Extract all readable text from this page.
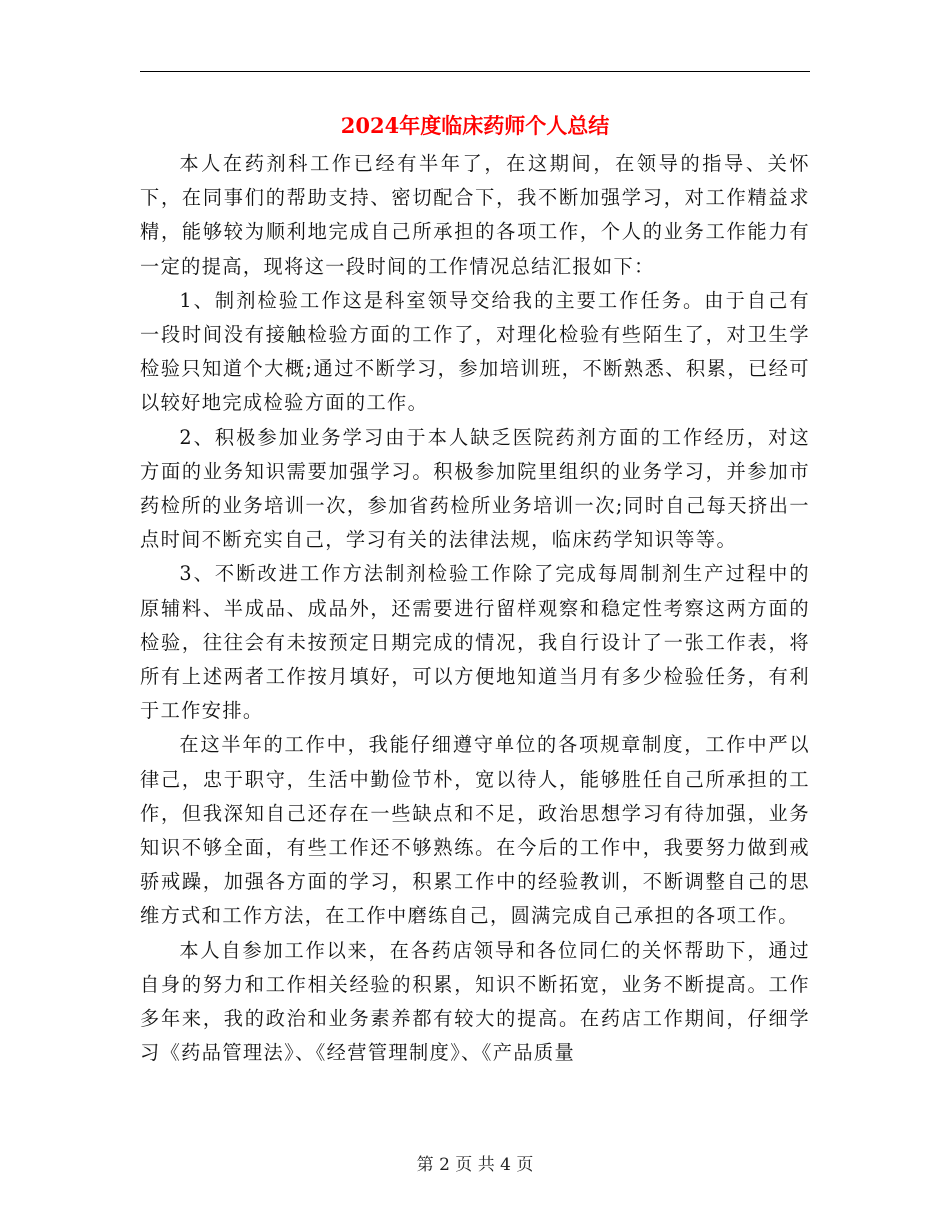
2024年度临床药师个人总结

本人在药剂科工作已经有半年了，在这期间，在领导的指导、关怀下，在同事们的帮助支持、密切配合下，我不断加强学习，对工作精益求精，能够较为顺利地完成自己所承担的各项工作，个人的业务工作能力有一定的提高，现将这一段时间的工作情况总结汇报如下：

1、制剂检验工作这是科室领导交给我的主要工作任务。由于自己有一段时间没有接触检验方面的工作了，对理化检验有些陌生了，对卫生学检验只知道个大概;通过不断学习，参加培训班，不断熟悉、积累，已经可以较好地完成检验方面的工作。

2、积极参加业务学习由于本人缺乏医院药剂方面的工作经历，对这方面的业务知识需要加强学习。积极参加院里组织的业务学习，并参加市药检所的业务培训一次，参加省药检所业务培训一次;同时自己每天挤出一点时间不断充实自己，学习有关的法律法规，临床药学知识等等。

3、不断改进工作方法制剂检验工作除了完成每周制剂生产过程中的原辅料、半成品、成品外，还需要进行留样观察和稳定性考察这两方面的检验，往往会有未按预定日期完成的情况，我自行设计了一张工作表，将所有上述两者工作按月填好，可以方便地知道当月有多少检验任务，有利于工作安排。

在这半年的工作中，我能仔细遵守单位的各项规章制度，工作中严以律己，忠于职守，生活中勤俭节朴，宽以待人，能够胜任自己所承担的工作，但我深知自己还存在一些缺点和不足，政治思想学习有待加强，业务知识不够全面，有些工作还不够熟练。在今后的工作中，我要努力做到戒骄戒躁，加强各方面的学习，积累工作中的经验教训，不断调整自己的思维方式和工作方法，在工作中磨练自己，圆满完成自己承担的各项工作。

本人自参加工作以来，在各药店领导和各位同仁的关怀帮助下，通过自身的努力和工作相关经验的积累，知识不断拓宽，业务不断提高。工作多年来，我的政治和业务素养都有较大的提高。在药店工作期间，仔细学习《药品管理法》、《经营管理制度》、《产品质量

第 2 页 共 4 页
